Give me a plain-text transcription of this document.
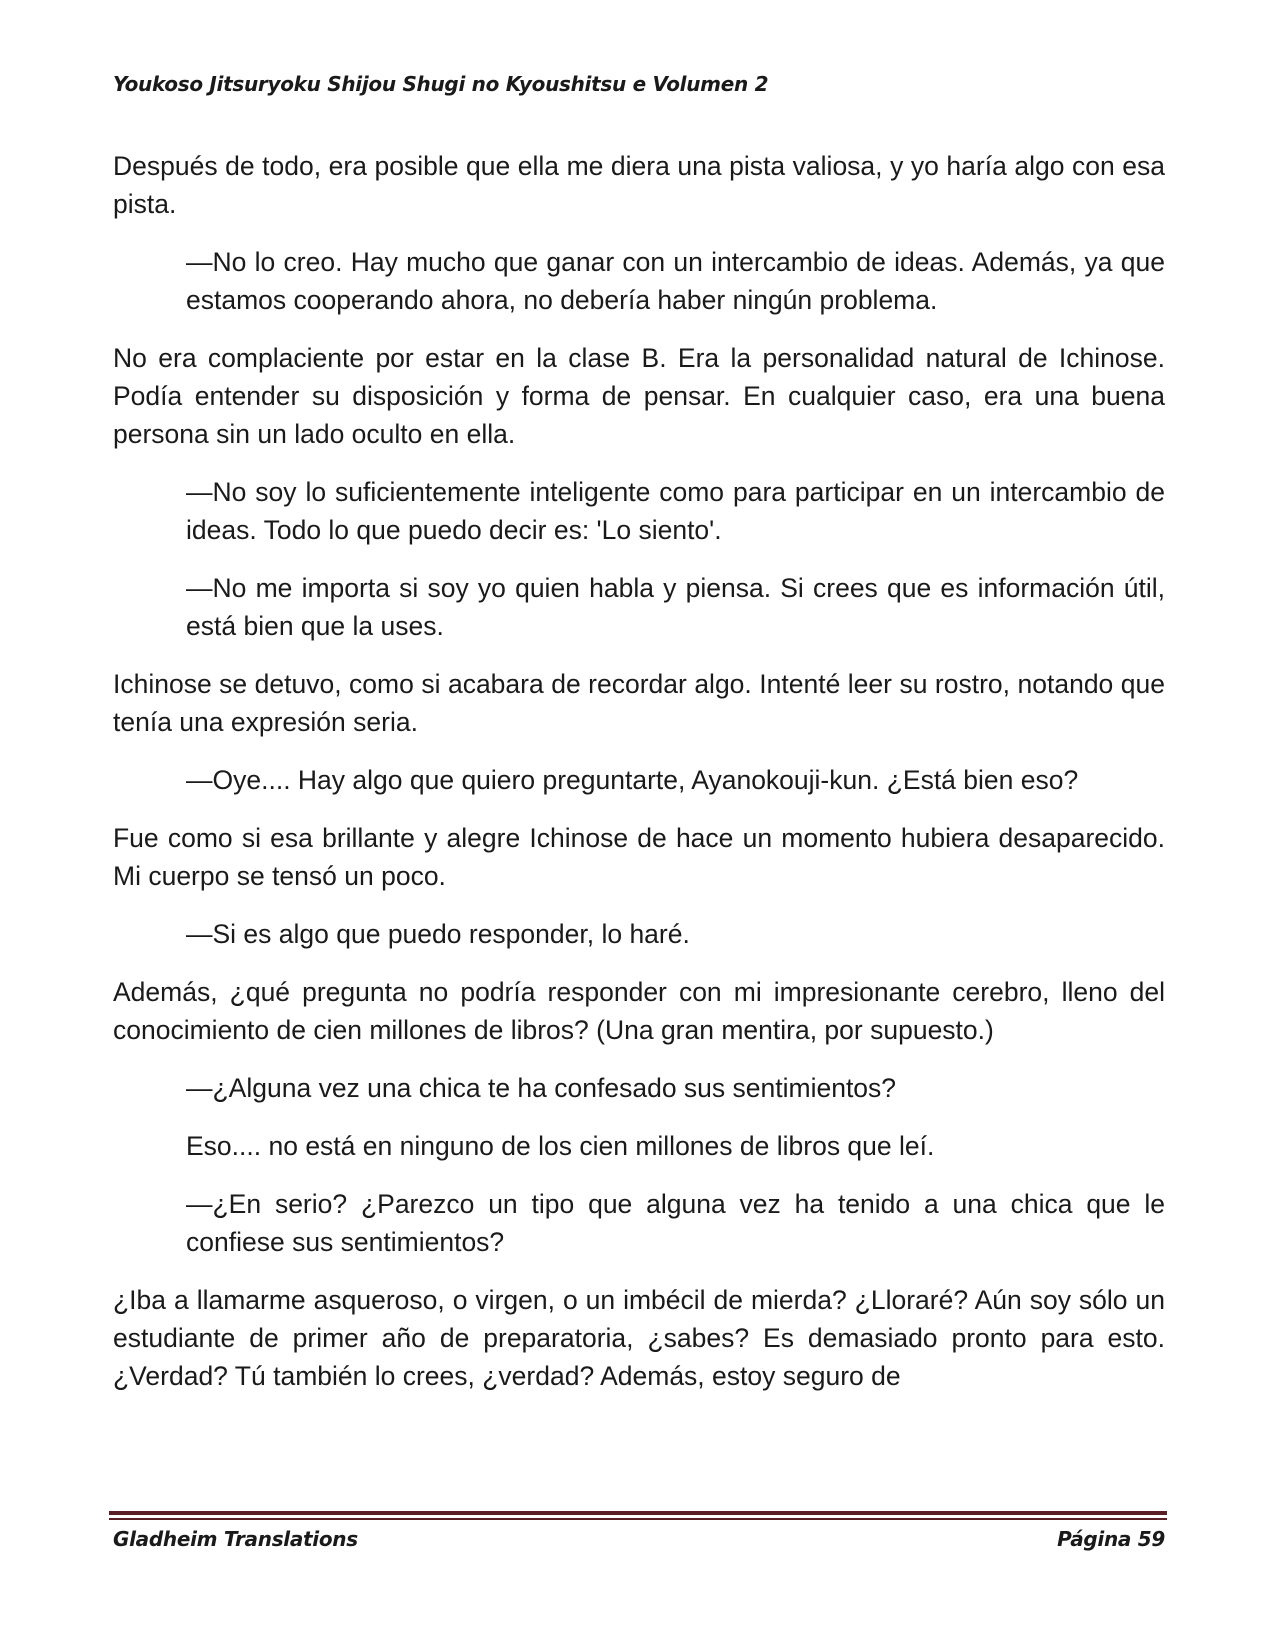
Youkoso Jitsuryoku Shijou Shugi no Kyoushitsu e Volumen 2

Después de todo, era posible que ella me diera una pista valiosa, y yo haría algo con esa pista.

—No lo creo. Hay mucho que ganar con un intercambio de ideas. Además, ya que estamos cooperando ahora, no debería haber ningún problema.

No era complaciente por estar en la clase B. Era la personalidad natural de Ichinose. Podía entender su disposición y forma de pensar. En cualquier caso, era una buena persona sin un lado oculto en ella.

—No soy lo suficientemente inteligente como para participar en un intercambio de ideas. Todo lo que puedo decir es: 'Lo siento'.

—No me importa si soy yo quien habla y piensa. Si crees que es información útil, está bien que la uses.

Ichinose se detuvo, como si acabara de recordar algo. Intenté leer su rostro, notando que tenía una expresión seria.

—Oye.... Hay algo que quiero preguntarte, Ayanokouji-kun. ¿Está bien eso?

Fue como si esa brillante y alegre Ichinose de hace un momento hubiera desaparecido. Mi cuerpo se tensó un poco.

—Si es algo que puedo responder, lo haré.

Además, ¿qué pregunta no podría responder con mi impresionante cerebro, lleno del conocimiento de cien millones de libros? (Una gran mentira, por supuesto.)

—¿Alguna vez una chica te ha confesado sus sentimientos?

Eso.... no está en ninguno de los cien millones de libros que leí.

—¿En serio? ¿Parezco un tipo que alguna vez ha tenido a una chica que le confiese sus sentimientos?

¿Iba a llamarme asqueroso, o virgen, o un imbécil de mierda? ¿Lloraré? Aún soy sólo un estudiante de primer año de preparatoria, ¿sabes? Es demasiado pronto para esto. ¿Verdad? Tú también lo crees, ¿verdad? Además, estoy seguro de

Gladheim Translations	Página 59
